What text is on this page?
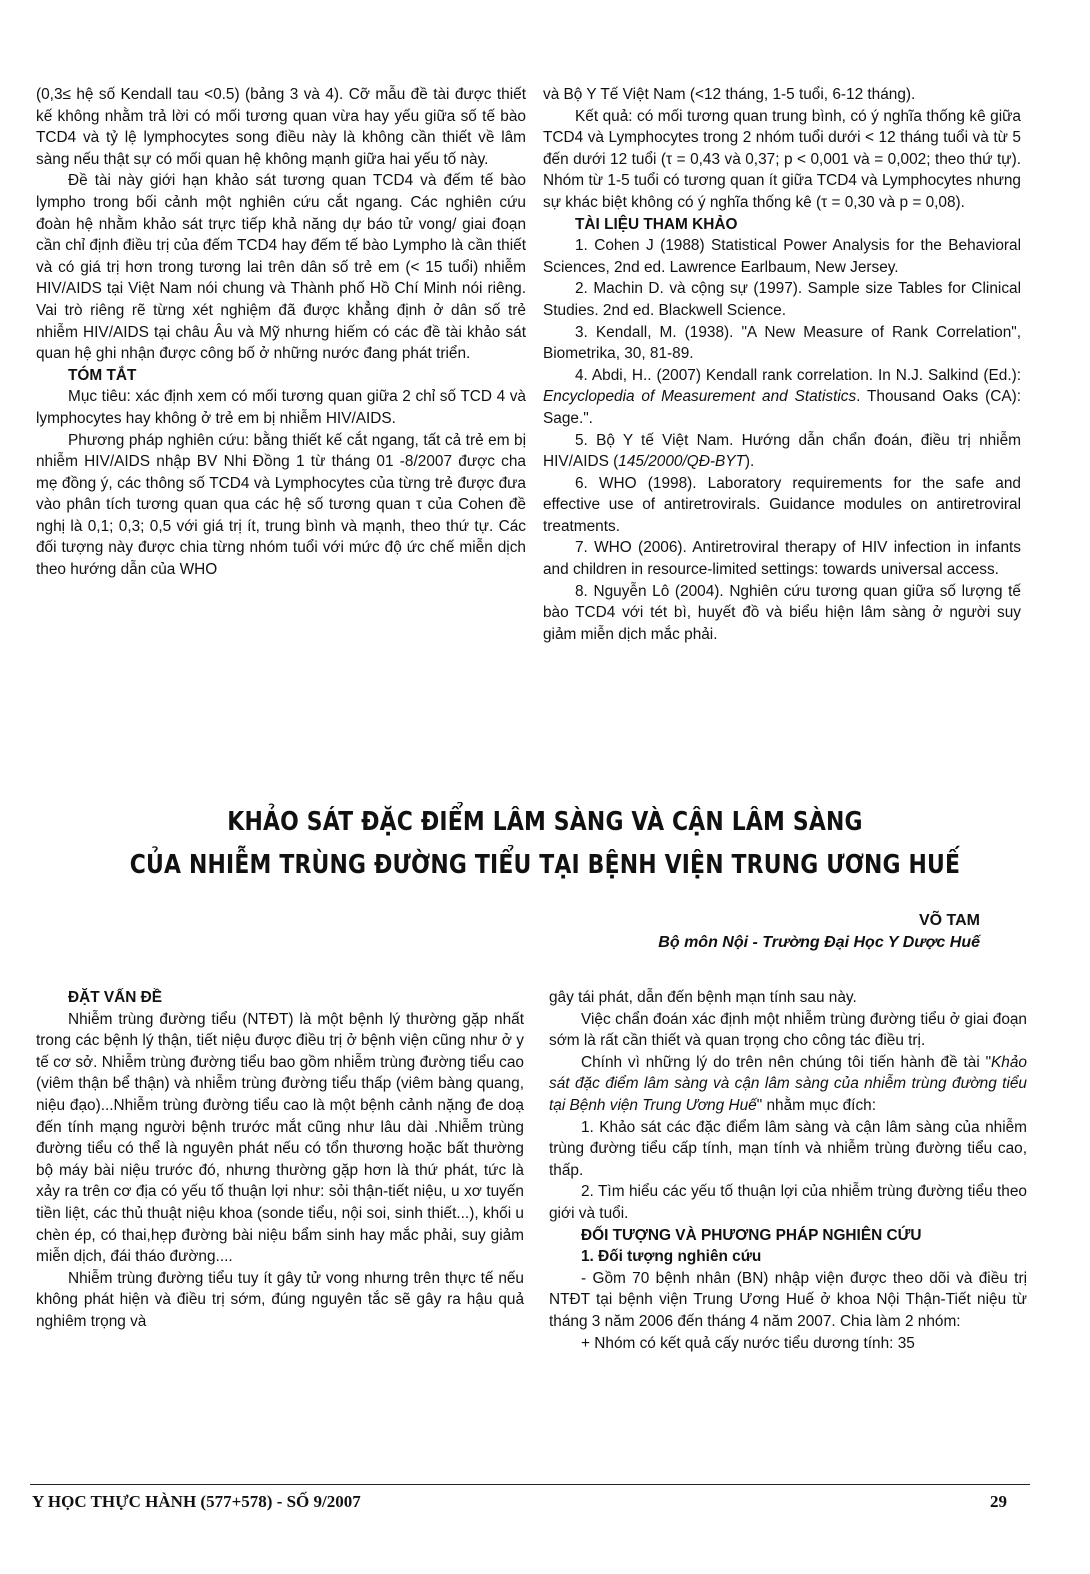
(0,3≤ hệ số Kendall tau <0.5) (bảng 3 và 4). Cỡ mẫu đề tài được thiết kế không nhằm trả lời có mối tương quan vừa hay yếu giữa số tế bào TCD4 và tỷ lệ lymphocytes song điều này là không cần thiết về lâm sàng nếu thật sự có mối quan hệ không mạnh giữa hai yếu tố này.

Đề tài này giới hạn khảo sát tương quan TCD4 và đếm tế bào lympho trong bối cảnh một nghiên cứu cắt ngang. Các nghiên cứu đoàn hệ nhằm khảo sát trực tiếp khả năng dự báo tử vong/ giai đoạn cần chỉ định điều trị của đếm TCD4 hay đếm tế bào Lympho là cần thiết và có giá trị hơn trong tương lai trên dân số trẻ em (< 15 tuổi) nhiễm HIV/AIDS tại Việt Nam nói chung và Thành phố Hồ Chí Minh nói riêng. Vai trò riêng rẽ từng xét nghiệm đã được khẳng định ở dân số trẻ nhiễm HIV/AIDS tại châu Âu và Mỹ nhưng hiếm có các đề tài khảo sát quan hệ ghi nhận được công bố ở những nước đang phát triển.

TÓM TẮT

Mục tiêu: xác định xem có mối tương quan giữa 2 chỉ số TCD 4 và lymphocytes hay không ở trẻ em bị nhiễm HIV/AIDS.

Phương pháp nghiên cứu: bằng thiết kế cắt ngang, tất cả trẻ em bị nhiễm HIV/AIDS nhập BV Nhi Đồng 1 từ tháng 01 -8/2007 được cha mẹ đồng ý, các thông số TCD4 và Lymphocytes của từng trẻ được đưa vào phân tích tương quan qua các hệ số tương quan τ của Cohen đề nghị là 0,1; 0,3; 0,5 với giá trị ít, trung bình và mạnh, theo thứ tự. Các đối tượng này được chia từng nhóm tuổi với mức độ ức chế miễn dịch theo hướng dẫn của WHO

và Bộ Y Tế Việt Nam (<12 tháng, 1-5 tuổi, 6-12 tháng).

Kết quả: có mối tương quan trung bình, có ý nghĩa thống kê giữa TCD4 và Lymphocytes trong 2 nhóm tuổi dưới < 12 tháng tuổi và từ 5 đến dưới 12 tuổi (τ = 0,43 và 0,37; p < 0,001 và = 0,002; theo thứ tự). Nhóm từ 1-5 tuổi có tương quan ít giữa TCD4 và Lymphocytes nhưng sự khác biệt không có ý nghĩa thống kê (τ = 0,30 và p = 0,08).

TÀI LIỆU THAM KHẢO

1. Cohen J (1988) Statistical Power Analysis for the Behavioral Sciences, 2nd ed. Lawrence Earlbaum, New Jersey.

2. Machin D. và cộng sự (1997). Sample size Tables for Clinical Studies. 2nd ed. Blackwell Science.

3. Kendall, M. (1938). "A New Measure of Rank Correlation", Biometrika, 30, 81-89.

4. Abdi, H.. (2007) Kendall rank correlation. In N.J. Salkind (Ed.): Encyclopedia of Measurement and Statistics. Thousand Oaks (CA): Sage.".

5. Bộ Y tế Việt Nam. Hướng dẫn chẩn đoán, điều trị nhiễm HIV/AIDS (145/2000/QĐ-BYT).

6. WHO (1998). Laboratory requirements for the safe and effective use of antiretrovirals. Guidance modules on antiretroviral treatments.

7. WHO (2006). Antiretroviral therapy of HIV infection in infants and children in resource-limited settings: towards universal access.

8. Nguyễn Lô (2004). Nghiên cứu tương quan giữa số lượng tế bào TCD4 với tét bì, huyết đồ và biểu hiện lâm sàng ở người suy giảm miễn dịch mắc phải.

KHẢO SÁT ĐẶC ĐIỂM LÂM SÀNG VÀ CẬN LÂM SÀNG
CỦA NHIỄM TRÙNG ĐƯỜNG TIỂU TẠI BỆNH VIỆN TRUNG ƯƠNG HUẾ
VÕ TAM
Bộ môn Nội - Trường Đại Học Y Dược Huế

ĐẶT VẤN ĐỀ

Nhiễm trùng đường tiểu (NTĐT) là một bệnh lý thường gặp nhất trong các bệnh lý thận, tiết niệu được điều trị ở bệnh viện cũng như ở y tế cơ sở. Nhiễm trùng đường tiểu bao gồm nhiễm trùng đường tiểu cao (viêm thận bể thận) và nhiễm trùng đường tiểu thấp (viêm bàng quang, niệu đạo)...Nhiễm trùng đường tiểu cao là một bệnh cảnh nặng đe doạ đến tính mạng người bệnh trước mắt cũng như lâu dài .Nhiễm trùng đường tiểu có thể là nguyên phát nếu có tổn thương hoặc bất thường bộ máy bài niệu trước đó, nhưng thường gặp hơn là thứ phát, tức là xảy ra trên cơ địa có yếu tố thuận lợi như: sỏi thận-tiết niệu, u xơ tuyến tiền liệt, các thủ thuật niệu khoa (sonde tiểu, nội soi, sinh thiết...), khối u chèn ép, có thai,hẹp đường bài niệu bẩm sinh hay mắc phải, suy giảm miễn dịch, đái tháo đường....

Nhiễm trùng đường tiểu tuy ít gây tử vong nhưng trên thực tế nếu không phát hiện và điều trị sớm, đúng nguyên tắc sẽ gây ra hậu quả nghiêm trọng và

gây tái phát, dẫn đến bệnh mạn tính sau này.

Việc chẩn đoán xác định một nhiễm trùng đường tiểu ở giai đoạn sớm là rất cần thiết và quan trọng cho công tác điều trị.

Chính vì những lý do trên nên chúng tôi tiến hành đề tài "Khảo sát đặc điểm lâm sàng và cận lâm sàng của nhiễm trùng đường tiểu tại Bệnh viện Trung Ương Huế" nhằm mục đích:

1. Khảo sát các đặc điểm lâm sàng và cận lâm sàng của nhiễm trùng đường tiểu cấp tính, mạn tính và nhiễm trùng đường tiểu cao, thấp.

2. Tìm hiểu các yếu tố thuận lợi của nhiễm trùng đường tiểu theo giới và tuổi.

ĐỐI TƯỢNG VÀ PHƯƠNG PHÁP NGHIÊN CỨU

1. Đối tượng nghiên cứu

- Gồm 70 bệnh nhân (BN) nhập viện được theo dõi và điều trị NTĐT tại bệnh viện Trung Ương Huế ở khoa Nội Thận-Tiết niệu từ tháng 3 năm 2006 đến tháng 4 năm 2007. Chia làm 2 nhóm:

+ Nhóm có kết quả cấy nước tiểu dương tính: 35

Y HỌC THỰC HÀNH (577+578) - SỐ 9/2007	29
